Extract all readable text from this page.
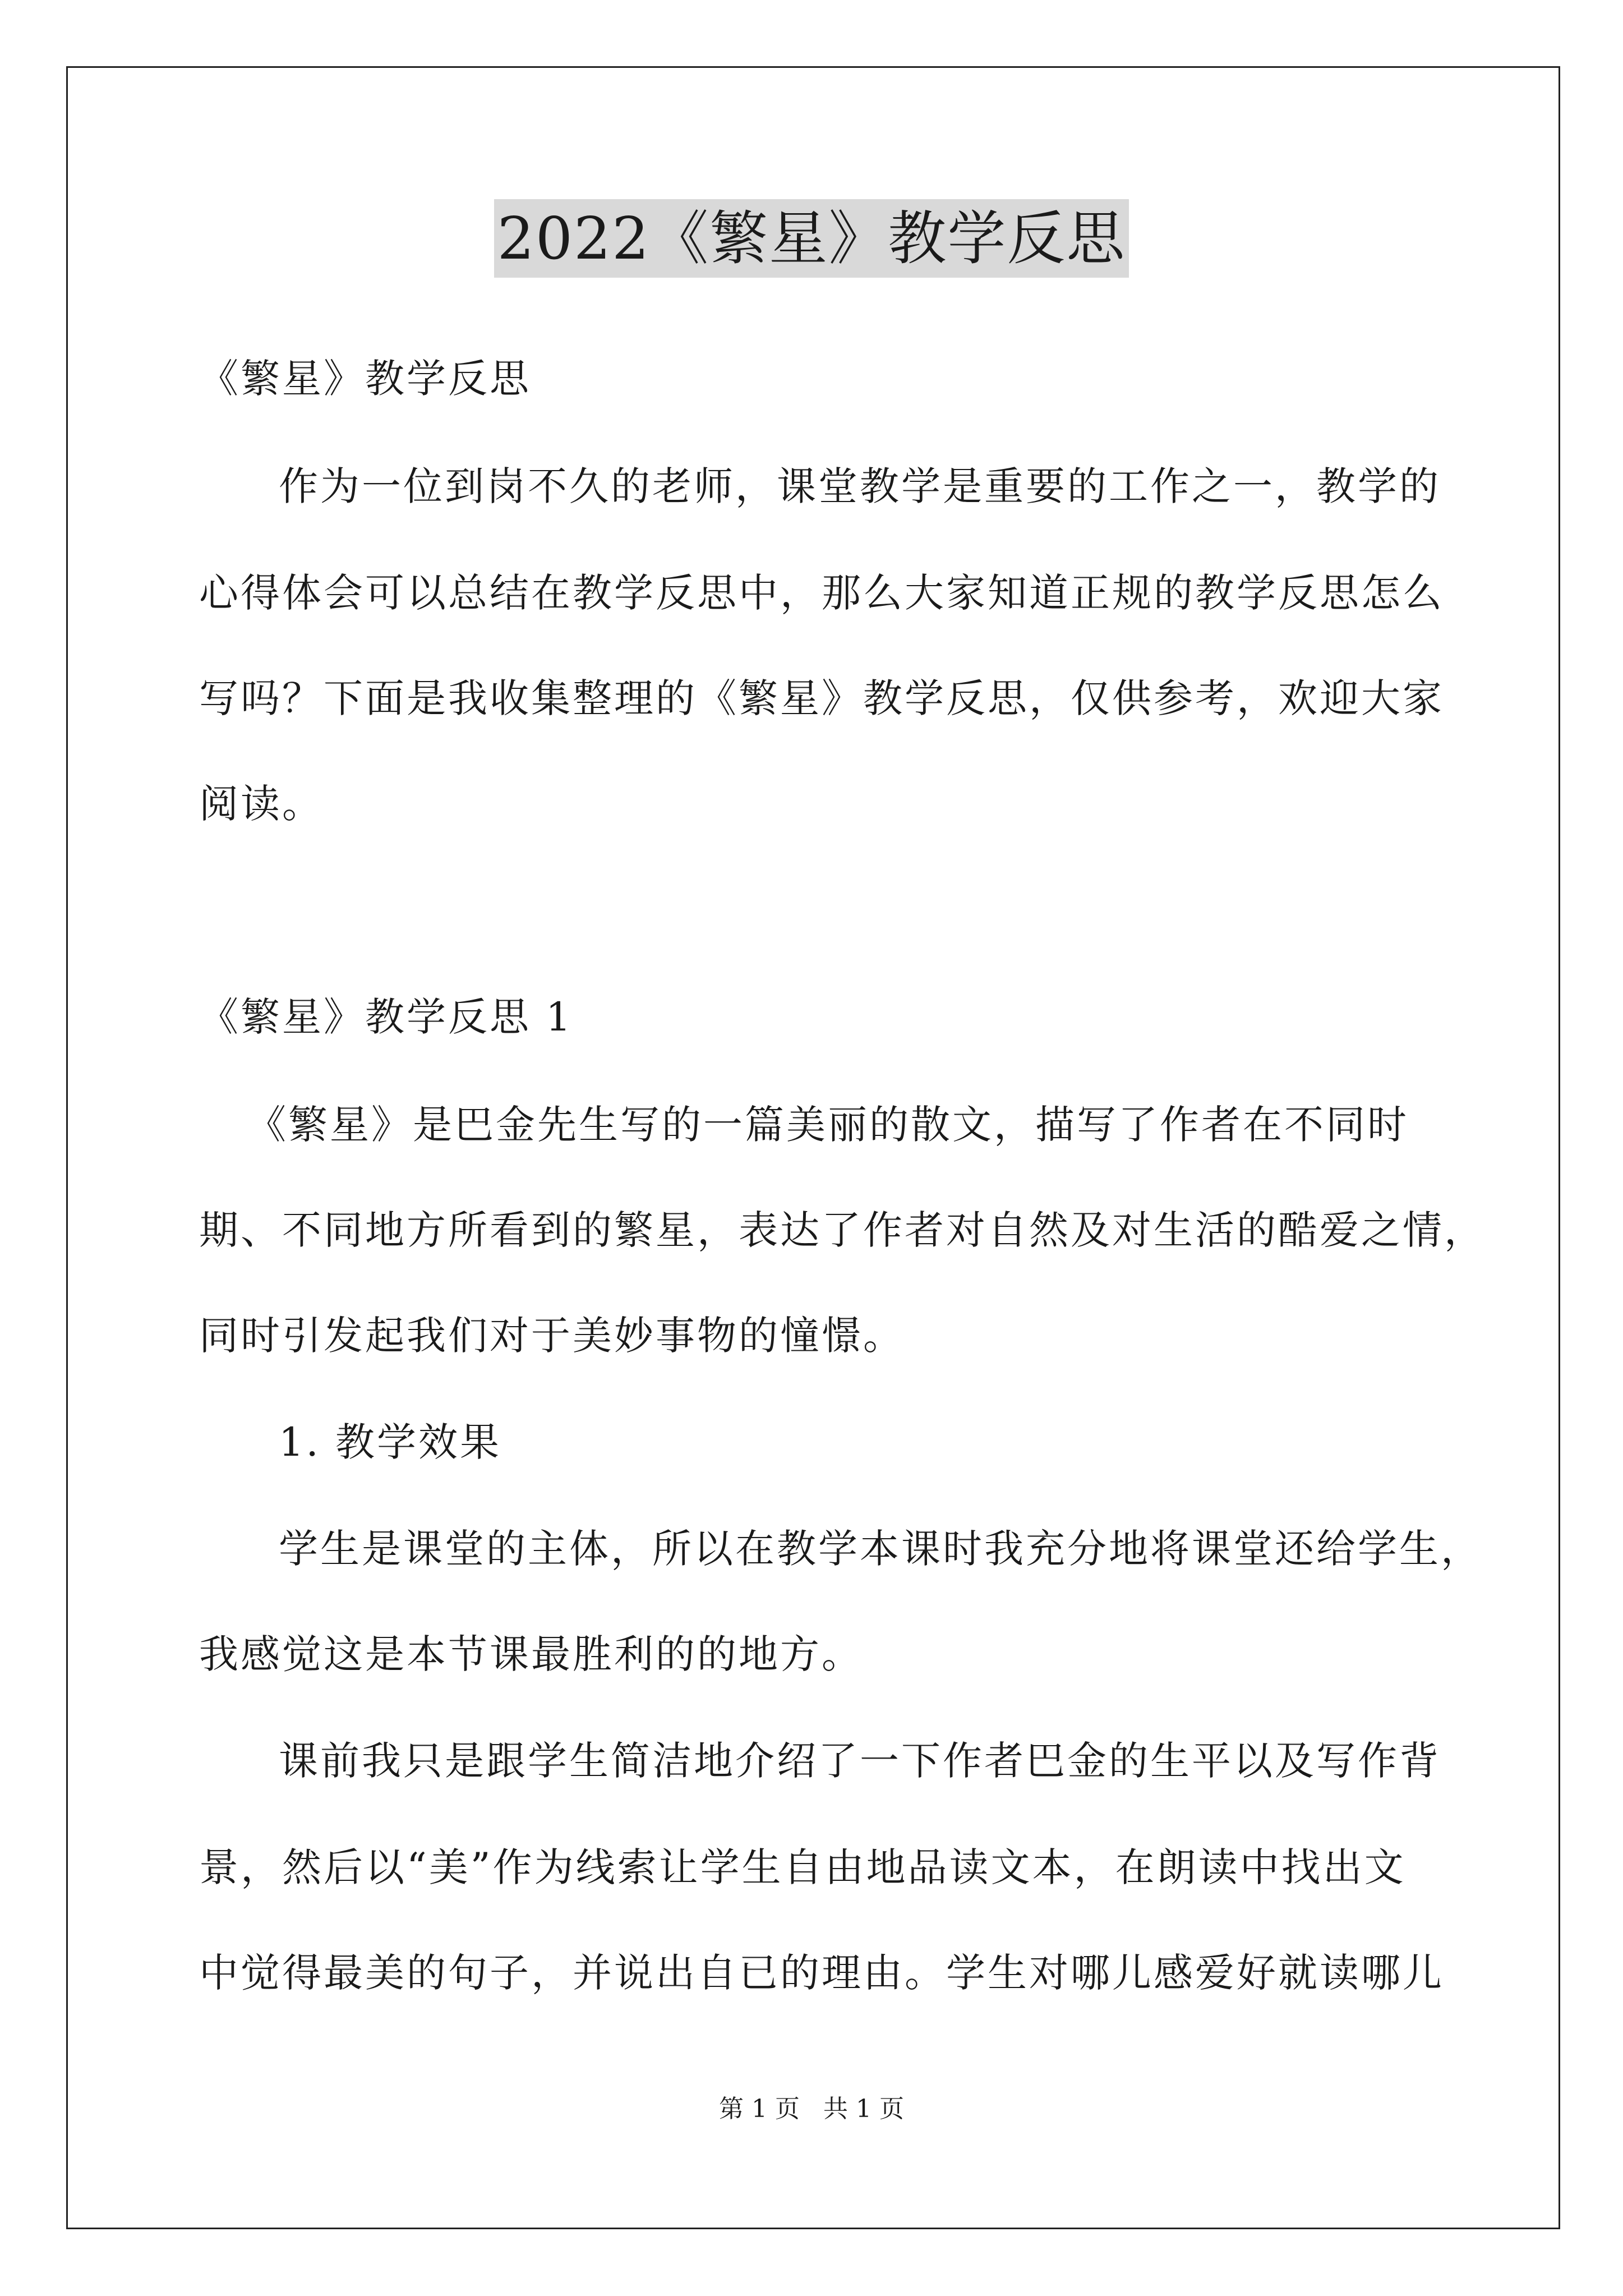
2022《繁星》教学反思
《繁星》教学反思
作为一位到岗不久的老师，课堂教学是重要的工作之一，教学的
心得体会可以总结在教学反思中，那么大家知道正规的教学反思怎么
写吗？下面是我收集整理的《繁星》教学反思，仅供参考，欢迎大家
阅读。
《繁星》教学反思 1
《繁星》是巴金先生写的一篇美丽的散文，描写了作者在不同时
期、不同地方所看到的繁星，表达了作者对自然及对生活的酷爱之情，
同时引发起我们对于美妙事物的憧憬。
1. 教学效果
学生是课堂的主体，所以在教学本课时我充分地将课堂还给学生，
我感觉这是本节课最胜利的的地方。
课前我只是跟学生简洁地介绍了一下作者巴金的生平以及写作背
景，然后以“美”作为线索让学生自由地品读文本，在朗读中找出文
中觉得最美的句子，并说出自已的理由。学生对哪儿感爱好就读哪儿
第 1 页 共 1 页
